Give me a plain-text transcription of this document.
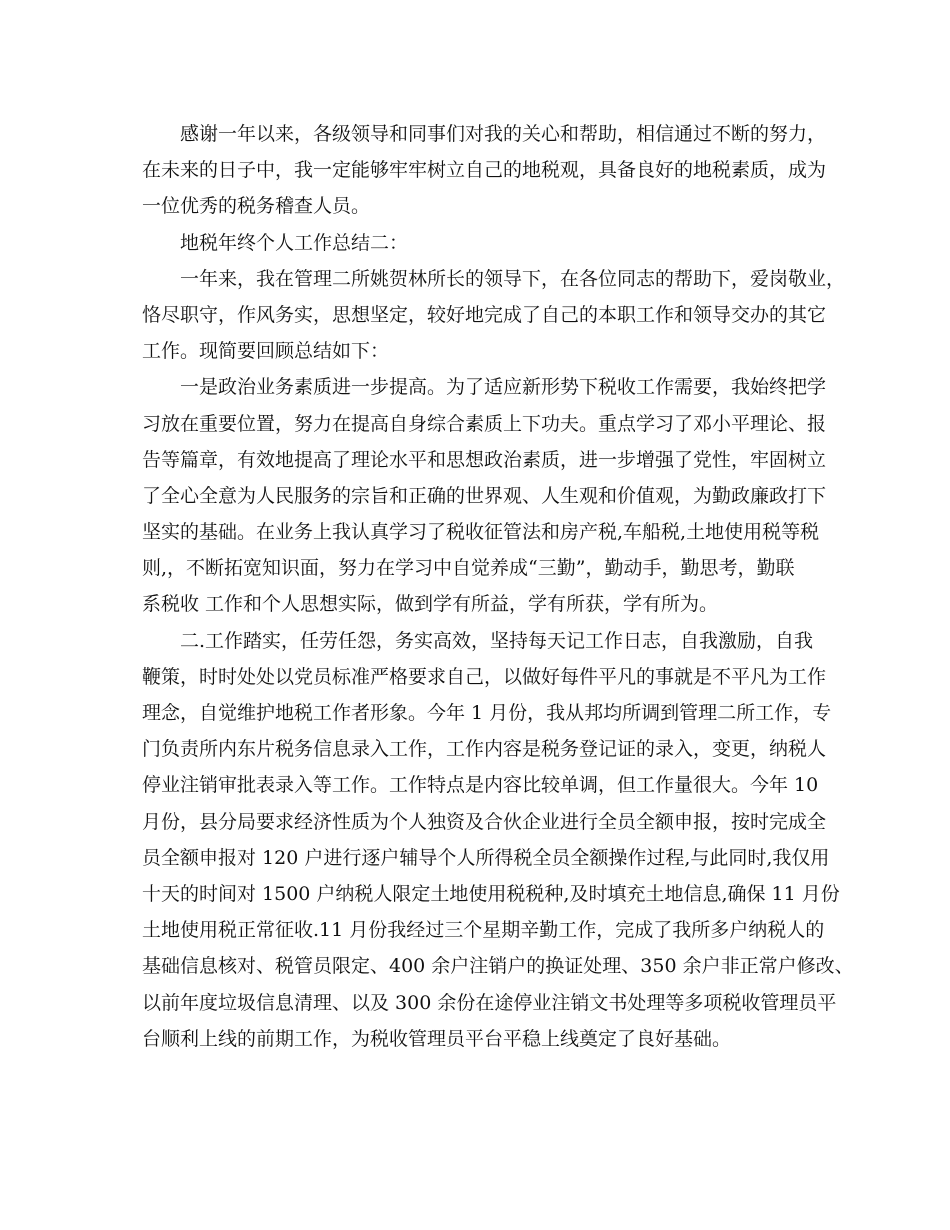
感谢一年以来，各级领导和同事们对我的关心和帮助，相信通过不断的努力，
在未来的日子中，我一定能够牢牢树立自己的地税观，具备良好的地税素质，成为
一位优秀的税务稽查人员。

地税年终个人工作总结二：

一年来，我在管理二所姚贺林所长的领导下，在各位同志的帮助下，爱岗敬业，
恪尽职守，作风务实，思想坚定，较好地完成了自己的本职工作和领导交办的其它
工作。现简要回顾总结如下：

一是政治业务素质进一步提高。为了适应新形势下税收工作需要，我始终把学
习放在重要位置，努力在提高自身综合素质上下功夫。重点学习了邓小平理论、报
告等篇章，有效地提高了理论水平和思想政治素质，进一步增强了党性，牢固树立
了全心全意为人民服务的宗旨和正确的世界观、人生观和价值观，为勤政廉政打下
坚实的基础。在业务上我认真学习了税收征管法和房产税,车船税,土地使用税等税
则,，不断拓宽知识面，努力在学习中自觉养成“三勤”，勤动手，勤思考，勤联
系税收 工作和个人思想实际，做到学有所益，学有所获，学有所为。

二.工作踏实，任劳任怨，务实高效，坚持每天记工作日志，自我激励，自我
鞭策，时时处处以党员标准严格要求自己，以做好每件平凡的事就是不平凡为工作
理念，自觉维护地税工作者形象。今年 1 月份，我从邦均所调到管理二所工作，专
门负责所内东片税务信息录入工作，工作内容是税务登记证的录入，变更，纳税人
停业注销审批表录入等工作。工作特点是内容比较单调，但工作量很大。今年 10
月份，县分局要求经济性质为个人独资及合伙企业进行全员全额申报，按时完成全
员全额申报对 120 户进行逐户辅导个人所得税全员全额操作过程,与此同时,我仅用
十天的时间对 1500 户纳税人限定土地使用税税种,及时填充土地信息,确保 11 月份
土地使用税正常征收.11 月份我经过三个星期辛勤工作，完成了我所多户纳税人的
基础信息核对、税管员限定、400 余户注销户的换证处理、350 余户非正常户修改、
以前年度垃圾信息清理、以及 300 余份在途停业注销文书处理等多项税收管理员平
台顺利上线的前期工作，为税收管理员平台平稳上线奠定了良好基础。
